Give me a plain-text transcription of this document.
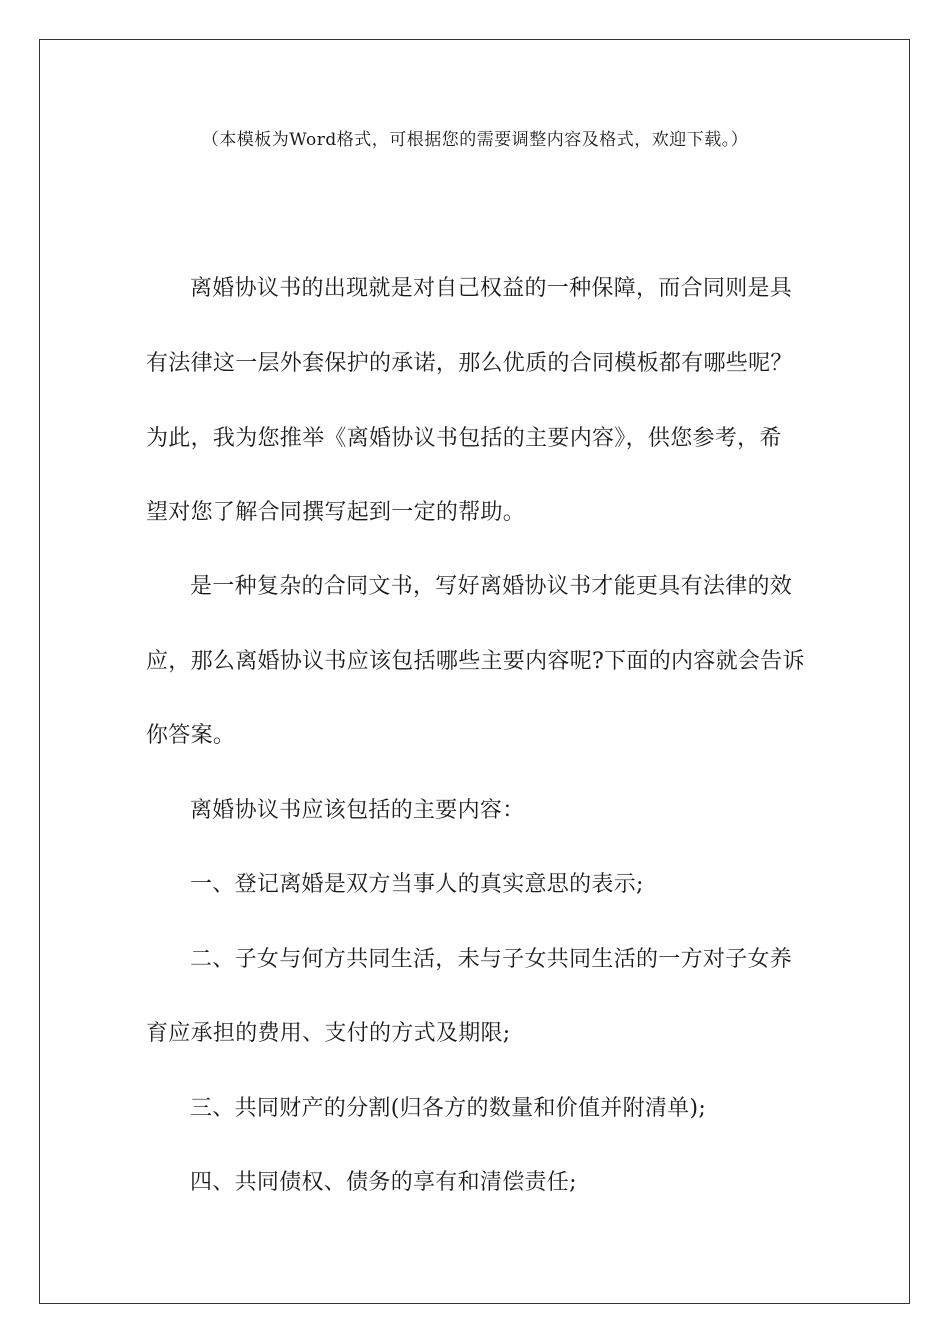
（本模板为Word格式，可根据您的需要调整内容及格式，欢迎下载。）
离婚协议书的出现就是对自己权益的一种保障，而合同则是具
有法律这一层外套保护的承诺，那么优质的合同模板都有哪些呢？
为此，我为您推举《离婚协议书包括的主要内容》，供您参考，希
望对您了解合同撰写起到一定的帮助。
是一种复杂的合同文书，写好离婚协议书才能更具有法律的效
应，那么离婚协议书应该包括哪些主要内容呢?下面的内容就会告诉
你答案。
离婚协议书应该包括的主要内容：
一、登记离婚是双方当事人的真实意思的表示;
二、子女与何方共同生活，未与子女共同生活的一方对子女养
育应承担的费用、支付的方式及期限;
三、共同财产的分割(归各方的数量和价值并附清单);
四、共同债权、债务的享有和清偿责任;
